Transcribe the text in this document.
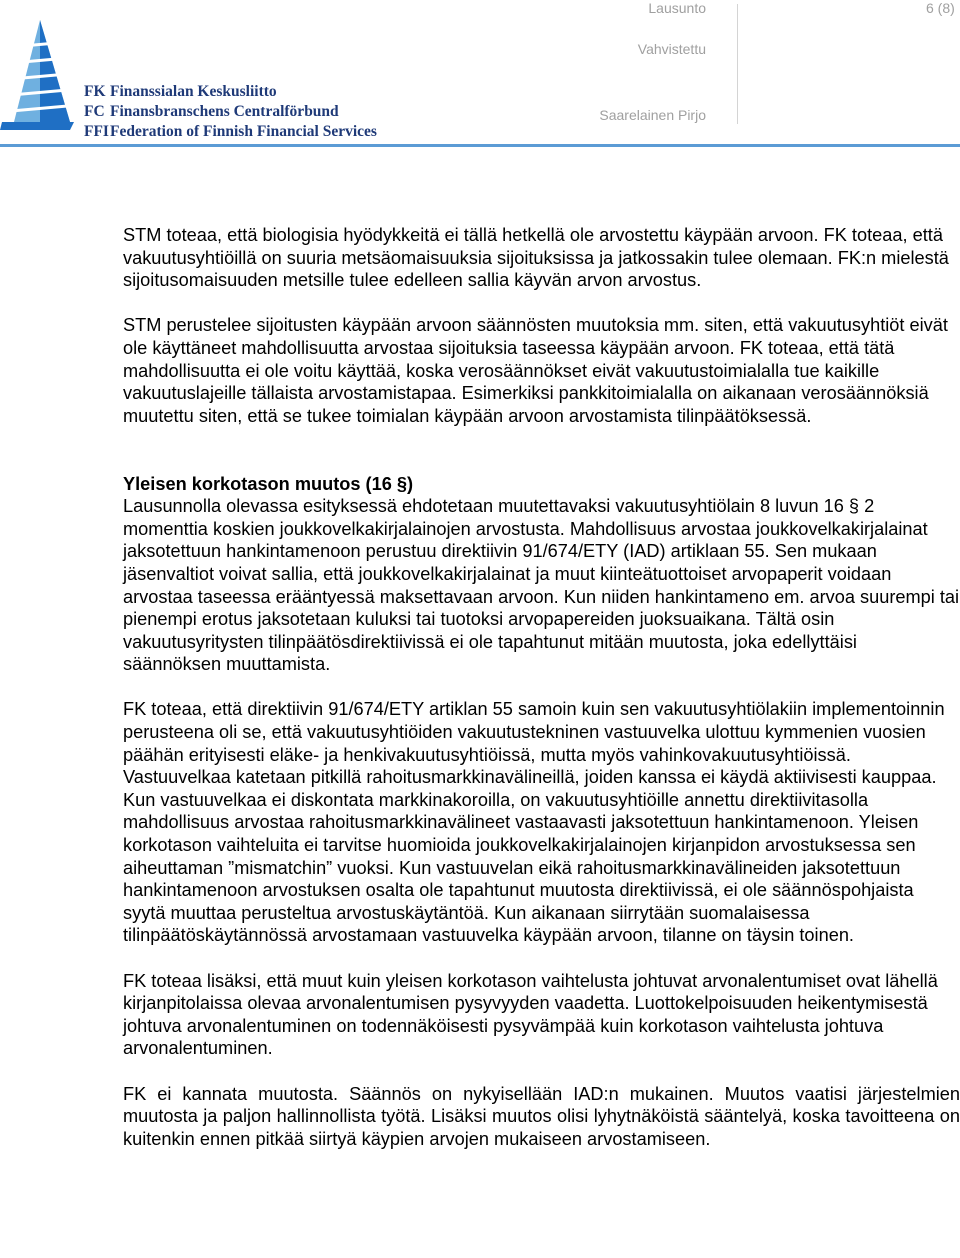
FK Finanssialan Keskusliitto
FC Finansbranschens Centralförbund
FFIFederation of Finnish Financial Services
Lausunto
Vahvistettu
Saarelainen Pirjo
6 (8)

STM toteaa, että biologisia hyödykkeitä ei tällä hetkellä ole arvostettu käypään arvoon. FK toteaa, että vakuutusyhtiöillä on suuria metsäomaisuuksia sijoituksissa ja jatkossakin tulee olemaan. FK:n mielestä sijoitusomaisuuden metsille tulee edelleen sallia käyvän arvon arvostus.

STM perustelee sijoitusten käypään arvoon säännösten muutoksia mm. siten, että vakuutusyhtiöt eivät ole käyttäneet mahdollisuutta arvostaa sijoituksia taseessa käypään arvoon. FK toteaa, että tätä mahdollisuutta ei ole voitu käyttää, koska verosäännökset eivät vakuutustoimialalla tue kaikille vakuutuslajeille tällaista arvostamistapaa. Esimerkiksi pankkitoimialalla on aikanaan verosäännöksiä muutettu siten, että se tukee toimialan käypään arvoon arvostamista tilinpäätöksessä.

Yleisen korkotason muutos (16 §)
Lausunnolla olevassa esityksessä ehdotetaan muutettavaksi vakuutusyhtiölain 8 luvun 16 § 2 momenttia koskien joukkovelkakirjalainojen arvostusta. Mahdollisuus arvostaa joukkovelkakirjalainat jaksotettuun hankintamenoon perustuu direktiivin 91/674/ETY (IAD) artiklaan 55. Sen mukaan jäsenvaltiot voivat sallia, että joukkovelkakirjalainat ja muut kiinteätuottoiset arvopaperit voidaan arvostaa taseessa erääntyessä maksettavaan arvoon. Kun niiden hankintameno em. arvoa suurempi tai pienempi erotus jaksotetaan kuluksi tai tuotoksi arvopapereiden juoksuaikana. Tältä osin vakuutusyritysten tilinpäätösdirektiivissä ei ole tapahtunut mitään muutosta, joka edellyttäisi säännöksen muuttamista.

FK toteaa, että direktiivin 91/674/ETY artiklan 55 samoin kuin sen vakuutusyhtiölakiin implementoinnin perusteena oli se, että vakuutusyhtiöiden vakuutustekninen vastuuvelka ulottuu kymmenien vuosien päähän erityisesti eläke- ja henkivakuutusyhtiöissä, mutta myös vahinkovakuutusyhtiöissä. Vastuuvelkaa katetaan pitkillä rahoitusmarkkinavälineillä, joiden kanssa ei käydä aktiivisesti kauppaa. Kun vastuuvelkaa ei diskontata markkinakoroilla, on vakuutusyhtiöille annettu direktiivitasolla mahdollisuus arvostaa rahoitusmarkkinavälineet vastaavasti jaksotettuun hankintamenoon. Yleisen korkotason vaihteluita ei tarvitse huomioida joukkovelkakirjalainojen kirjanpidon arvostuksessa sen aiheuttaman ”mismatchin” vuoksi. Kun vastuuvelan eikä rahoitusmarkkinavälineiden jaksotettuun hankintamenoon arvostuksen osalta ole tapahtunut muutosta direktiivissä, ei ole säännöspohjaista syytä muuttaa perusteltua arvostuskäytäntöä. Kun aikanaan siirrytään suomalaisessa tilinpäätöskäytännössä arvostamaan vastuuvelka käypään arvoon, tilanne on täysin toinen.

FK toteaa lisäksi, että muut kuin yleisen korkotason vaihtelusta johtuvat arvonalentumiset ovat lähellä kirjanpitolaissa olevaa arvonalentumisen pysyvyyden vaadetta. Luottokelpoisuuden heikentymisestä johtuva arvonalentuminen on todennäköisesti pysyvämpää kuin korkotason vaihtelusta johtuva arvonalentuminen.

FK ei kannata muutosta. Säännös on nykyisellään IAD:n mukainen. Muutos vaatisi järjestelmien muutosta ja paljon hallinnollista työtä. Lisäksi muutos olisi lyhytnäköistä sääntelyä, koska tavoitteena on kuitenkin ennen pitkää siirtyä käypien arvojen mukaiseen arvostamiseen.
